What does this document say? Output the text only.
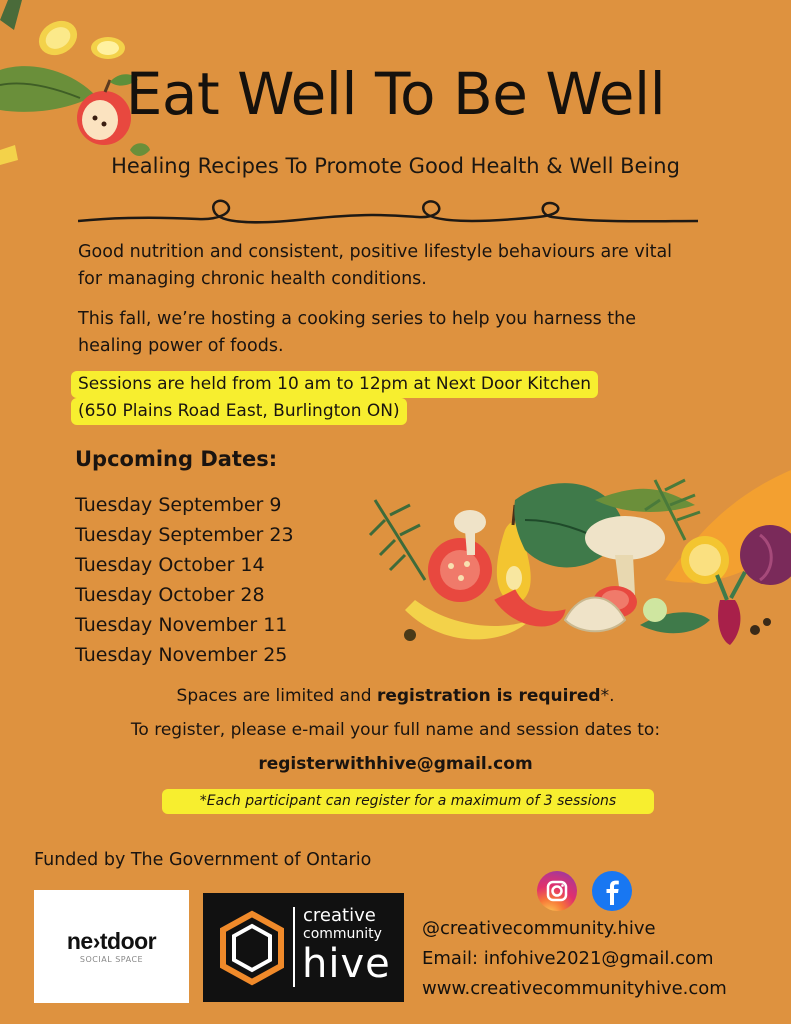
Eat Well To Be Well
Healing Recipes To Promote Good Health & Well Being
Good nutrition and consistent, positive lifestyle behaviours are vital
for managing chronic health conditions.
This fall, we’re hosting a cooking series to help you harness the
healing power of foods.
Sessions are held from 10 am to 12pm at Next Door Kitchen
(650 Plains Road East, Burlington ON)
Upcoming Dates:
Tuesday September 9
Tuesday September 23
Tuesday October 14
Tuesday October 28
Tuesday November 11
Tuesday November 25
Spaces are limited and registration is required*.
To register, please e-mail your full name and session dates to:
registerwithhive@gmail.com
*Each participant can register for a maximum of 3 sessions
Funded by The Government of Ontario
ne›tdoor
SOCIAL SPACE
creative
community
hive
@creativecommunity.hive
Email: infohive2021@gmail.com
www.creativecommunityhive.com
